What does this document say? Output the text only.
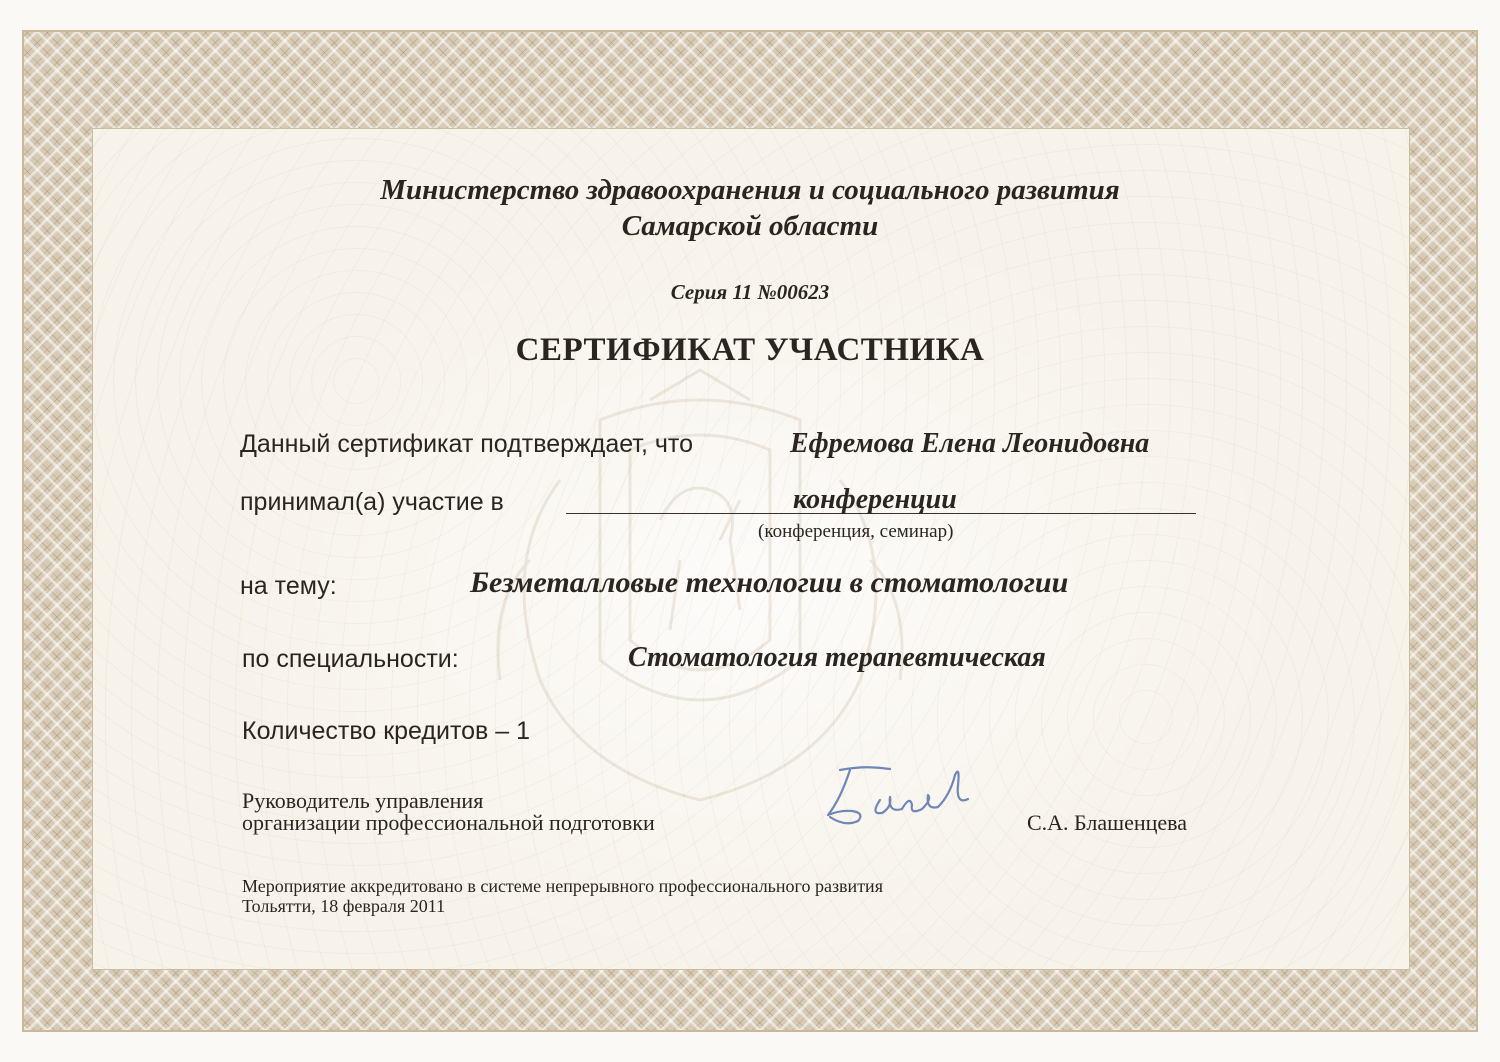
Министерство здравоохранения и социального развития
Самарской области
Серия 11 №00623
СЕРТИФИКАТ УЧАСТНИКА
Данный сертификат подтверждает, что	Ефремова Елена Леонидовна
принимал(а) участие в	конференции
(конференция, семинар)
на тему:	Безметалловые технологии в стоматологии
по специальности:	Стоматология терапевтическая
Количество кредитов – 1
Руководитель управления
организации профессиональной подготовки	С.А. Блашенцева
Мероприятие аккредитовано в системе непрерывного профессионального развития
Тольятти, 18 февраля 2011
